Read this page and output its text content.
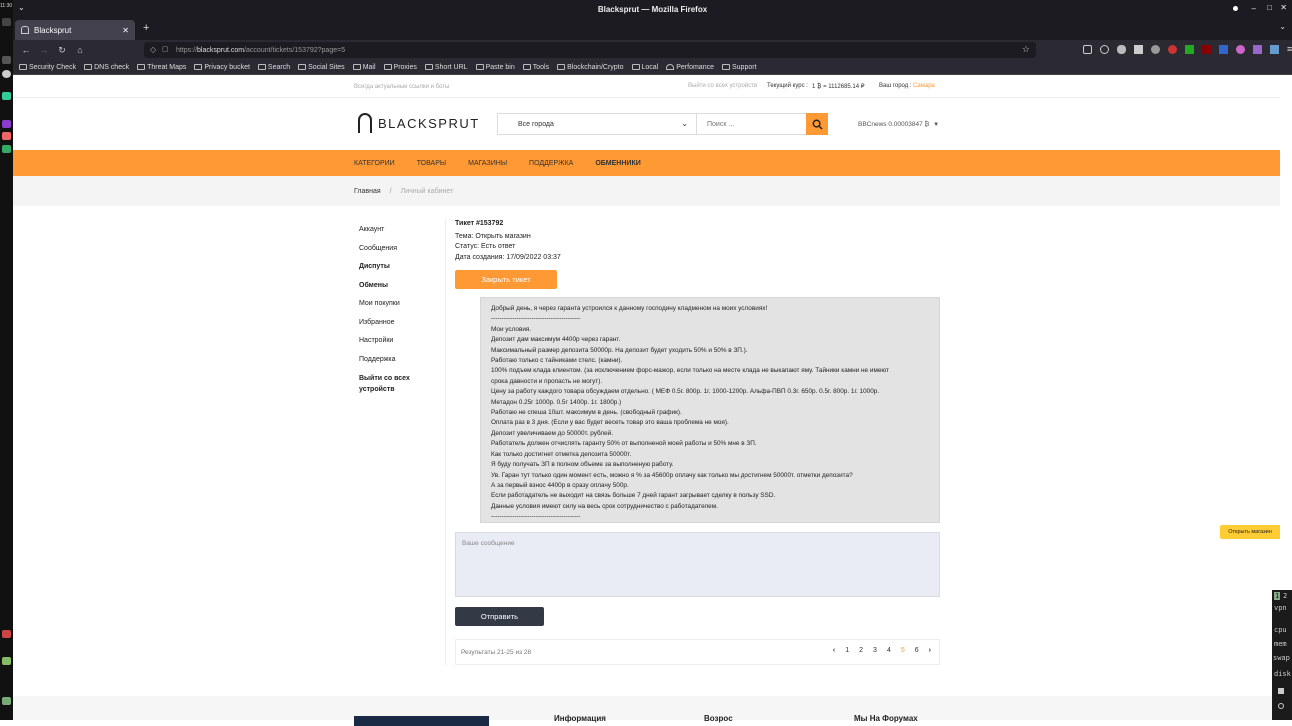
11:30 ⌄	Blacksprut — Mozilla Firefox	– □ ✕
Blacksprut	✕ +	⌄
←	→	↻	⌂	◇ ▢ https:// blacksprut.com /account/tickets/153792?page=5	☆	≡
Security Check	DNS check	Threat Maps	Privacy bucket	Search	Social Sites	Mail	Proxies	Short URL	Paste bin	Tools	Blockchain/Crypto	Local	Perfomance	Support
Всегда актуальные ссылки и боты	Выйти со всех устройств Текущий курс : 1 ₿ = 1112685.14 ₽ Ваш город : Самара
BLACKSPRUT	Все города	⌄
Поиск ...	BBCnews 0.00003847 ₿ ▼
КАТЕГОРИИ	ТОВАРЫ	МАГАЗИНЫ	ПОДДЕРЖКА	ОБМЕННИКИ
Главная / Личный кабинет
Аккаунт
Сообщения
Диспуты
Обмены
Мои покупки
Избранное
Настройки
Поддержка
Выйти со всех устройств
Тикет #153792
Тема: Открыть магазин
Статус: Есть ответ
Дата создания: 17/09/2022 03:37
Закрыть тикет
Добрый день, я через гаранта устроился к данному господину кладменом на моих условиях!
------------------------------------------
Мои условия.
Депозит дам максимум 4400р через гарант.
Максимальный размер депозита 50000р. На депозит будет уходить 50% и 50% в ЗП.).
Работаю только с тайниками стелс. (камни).
100% подъем клада клиентом. (за исключением форс-мажор, если только на месте клада не выкапают яму. Тайники камни не имеют
срока давности и пропасть не могут).
Цену за работу каждого товара обсуждаем отдельно. ( МЕФ 0.5г. 800р. 1г. 1000-1200р. Альфа-ПВП 0.3г. 650р. 0.5г. 800р. 1г. 1000р.
Метадон 0.25г 1000р. 0.5г 1400р. 1г. 1800р.)
Работаю не спеша 10шт. максимум в день. (свободный график).
Оплата раз в 3 дня. (Если у вас будет весеть товар это ваша проблема не моя).
Депозит увеличиваем до 50000т. рублей.
Работатель должен отчислять гаранту 50% от выполненой моей работы и 50% мне в ЗП.
Как только достигнет отметка депозита 50000т.
Я буду получать ЗП в полном объеме за выполненую работу.
Ув. Гаран тут только один момент есть, можно я % за 45600р оплачу как только мы достигнем 50000т. отметки депозита?
А за первый взнос 4400р в сразу оплачу 500р.
Если работадатель не выходит на связь больше 7 дней гарант загрывает сделку в пользу SSD.
Данные условия имеют силу на весь срок сотрудничество с работадателем.
------------------------------------------
Ваше сообщение
Отправить
Результаты 21-25 из 28	‹ 1 2 3 4 5 6 ›
Открыть магазин
Информация	Возрос	Мы На Форумах
1 2
vpn
cpu
mem
swap
disk
